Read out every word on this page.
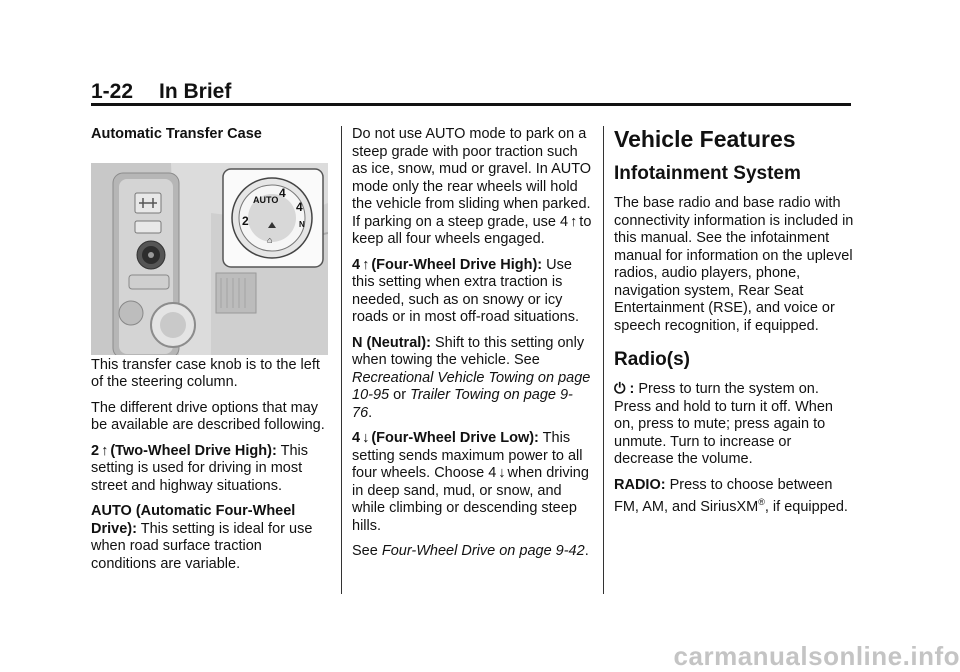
1-22 In Brief

Automatic Transfer Case

This transfer case knob is to the left of the steering column.

The different drive options that may be available are described following.

2 ↑ (Two-Wheel Drive High): This setting is used for driving in most street and highway situations.

AUTO (Automatic Four-Wheel Drive): This setting is ideal for use when road surface traction conditions are variable.

AUTO 4
2
4
N
⌂

Do not use AUTO mode to park on a steep grade with poor traction such as ice, snow, mud or gravel. In AUTO mode only the rear wheels will hold the vehicle from sliding when parked. If parking on a steep grade, use 4 ↑ to keep all four wheels engaged.

4 ↑ (Four-Wheel Drive High): Use this setting when extra traction is needed, such as on snowy or icy roads or in most off-road situations.

N (Neutral): Shift to this setting only when towing the vehicle. See Recreational Vehicle Towing on page 10-95 or Trailer Towing on page 9-76.

4 ↓ (Four-Wheel Drive Low): This setting sends maximum power to all four wheels. Choose 4 ↓ when driving in deep sand, mud, or snow, and while climbing or descending steep hills.

See Four-Wheel Drive on page 9-42.

Vehicle Features
Infotainment System

The base radio and base radio with connectivity information is included in this manual. See the infotainment manual for information on the uplevel radios, audio players, phone, navigation system, Rear Seat Entertainment (RSE), and voice or speech recognition, if equipped.

Radio(s)

⏻ : Press to turn the system on. Press and hold to turn it off. When on, press to mute; press again to unmute. Turn to increase or decrease the volume.

RADIO: Press to choose between FM, AM, and SiriusXM®, if equipped.

carmanualsonline.info
